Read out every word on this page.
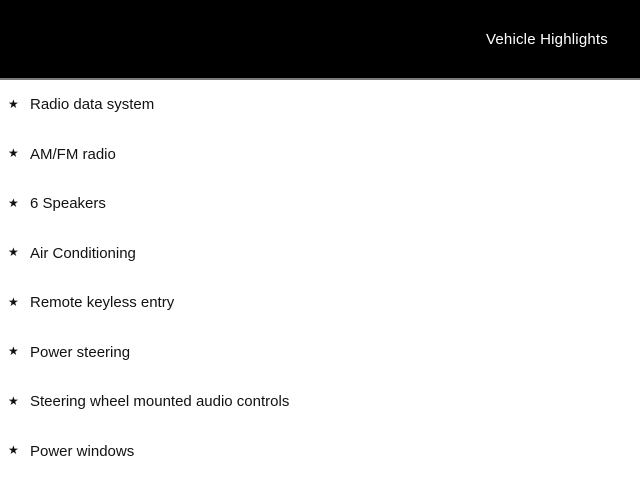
Vehicle Highlights
★ Radio data system
★ AM/FM radio
★ 6 Speakers
★ Air Conditioning
★ Remote keyless entry
★ Power steering
★ Steering wheel mounted audio controls
★ Power windows
